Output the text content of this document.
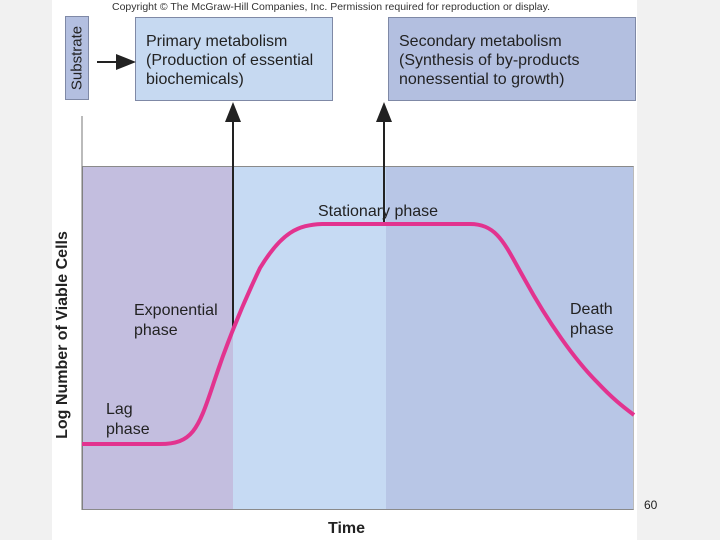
Copyright © The McGraw-Hill Companies, Inc. Permission required for reproduction or display.
Substrate	Primary metabolism
(Production of essential
biochemicals)
Secondary metabolism
(Synthesis of by-products
nonessential to growth)
Lag
phase
Exponential
phase
Stationary phase
Death
phase
Log Number of Viable Cells
Time
60
